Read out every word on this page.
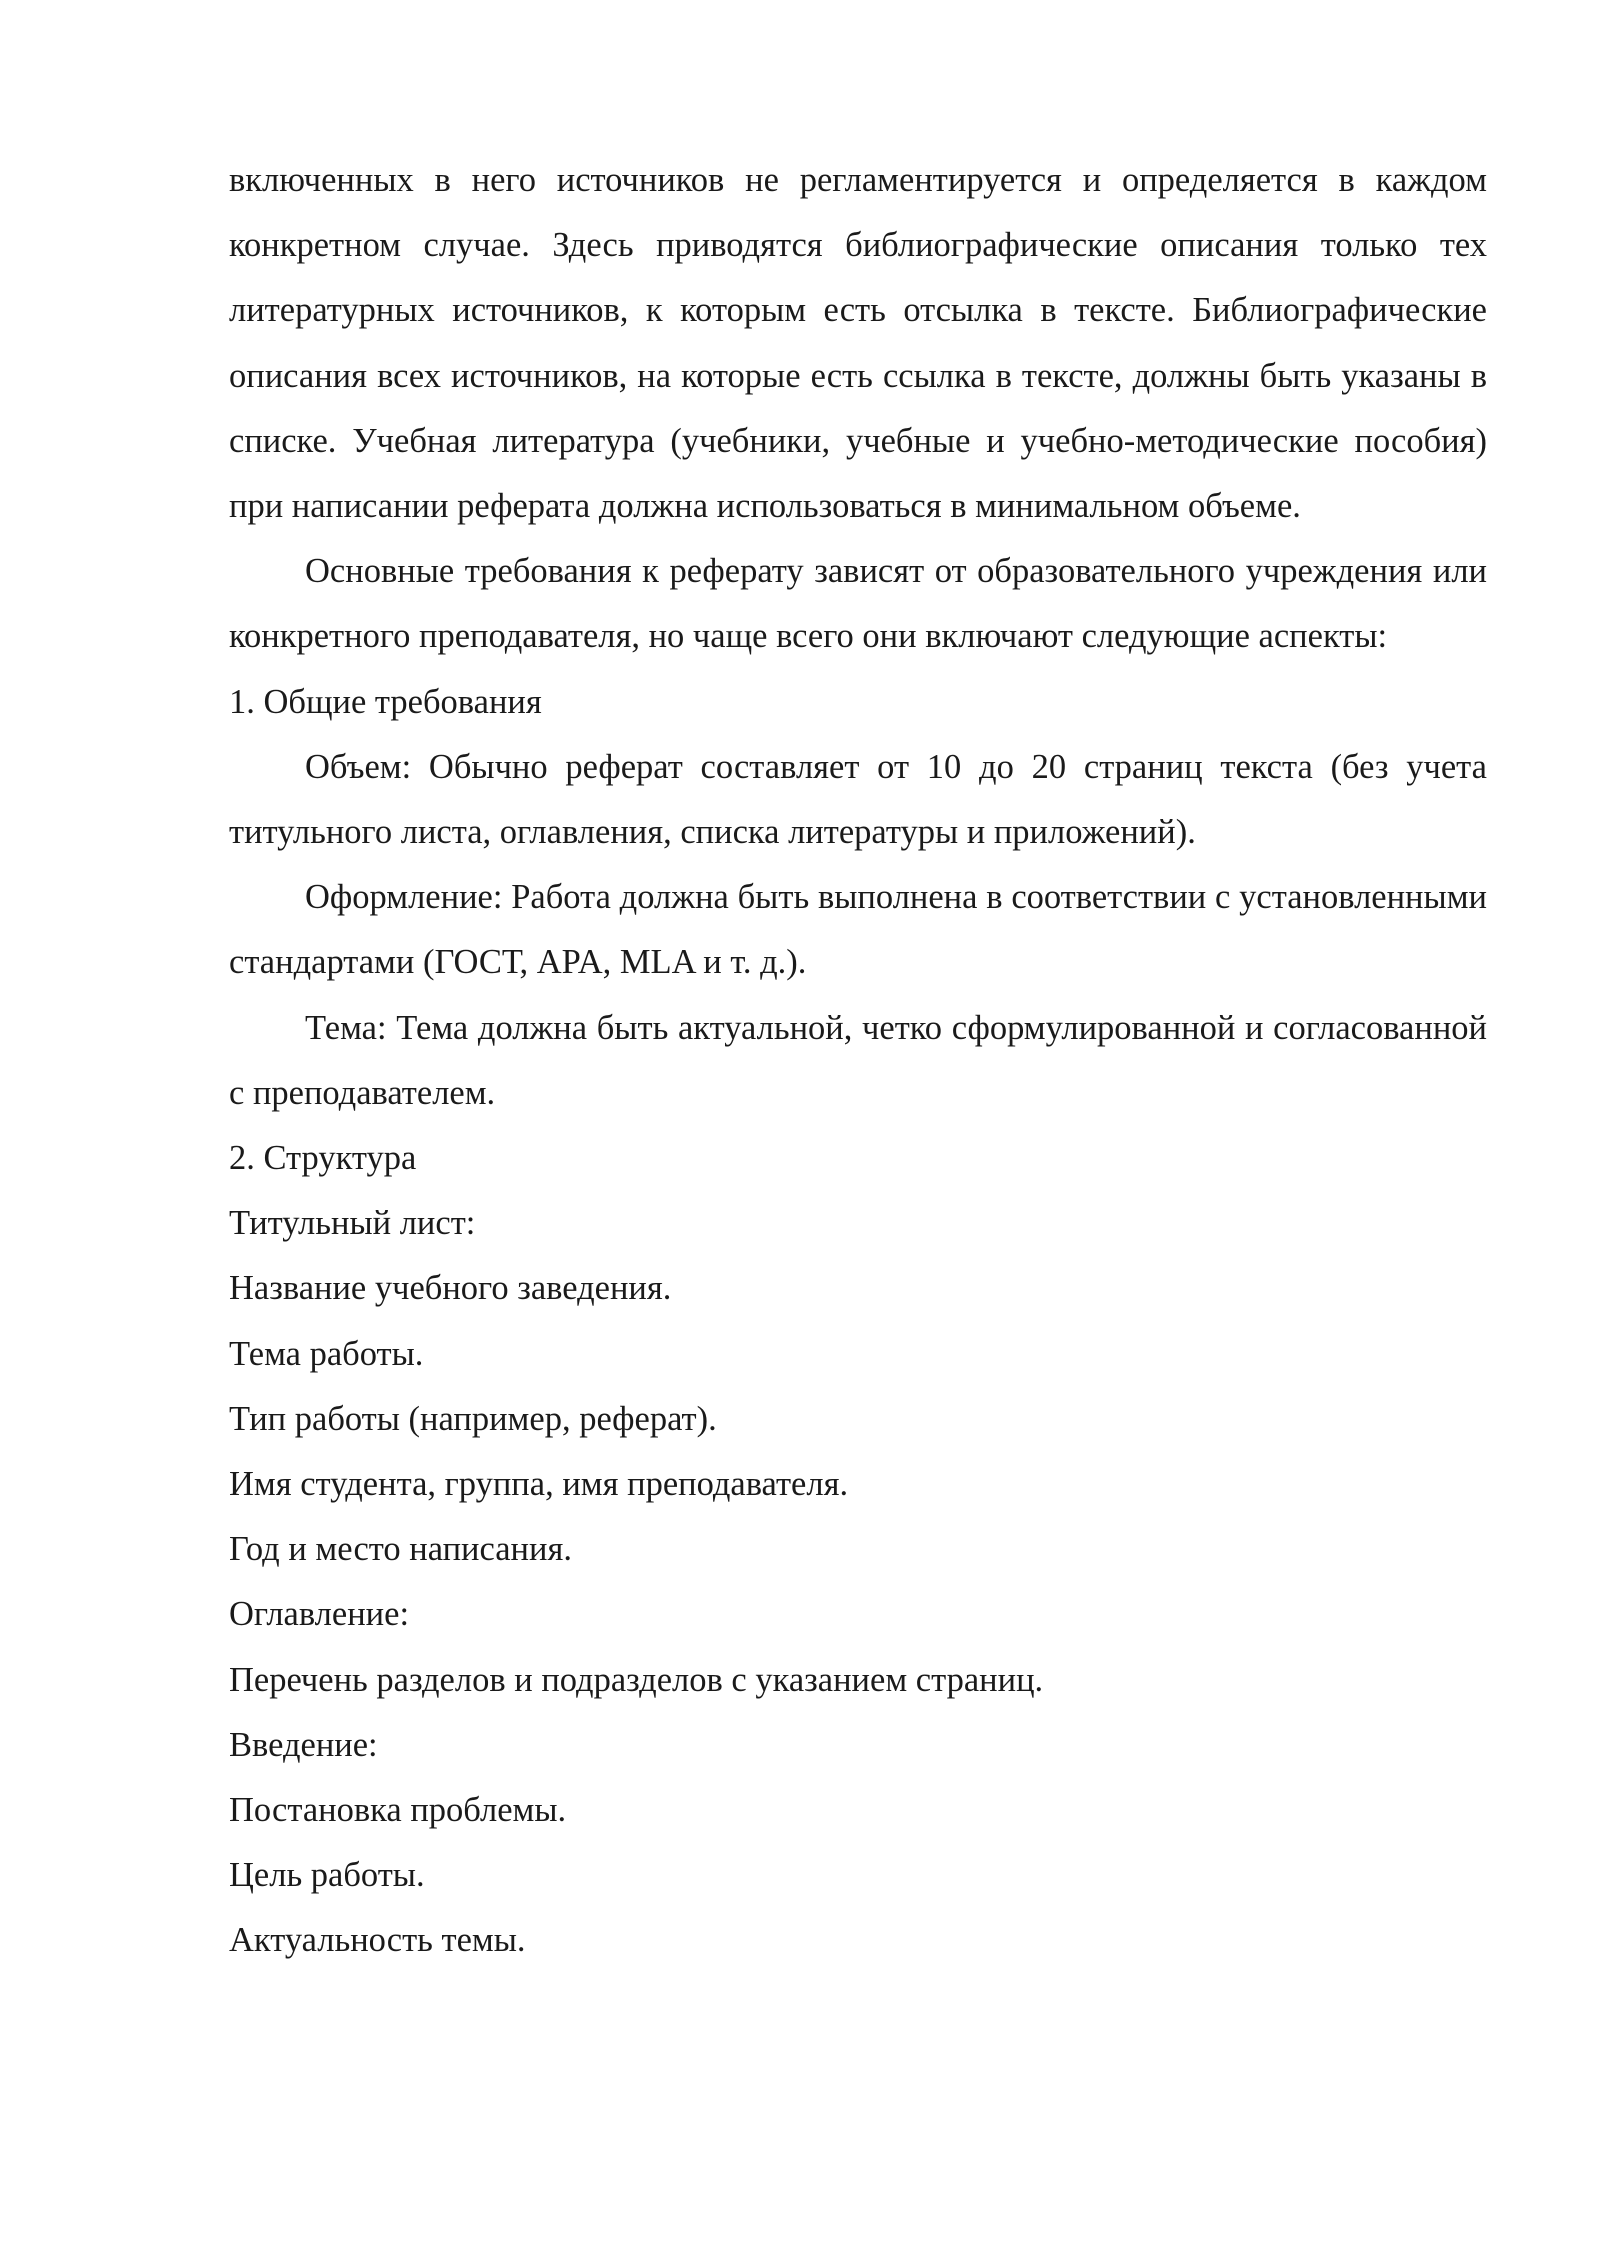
включенных в него источников не регламентируется и определяется в каждом конкретном случае. Здесь приводятся библиографические описания только тех литературных источников, к которым есть отсылка в тексте. Библиографические описания всех источников, на которые есть ссылка в тексте, должны быть указаны в списке. Учебная литература (учебники, учебные и учебно-методические пособия) при написании реферата должна использоваться в минимальном объеме.

Основные требования к реферату зависят от образовательного учреждения или конкретного преподавателя, но чаще всего они включают следующие аспекты:

1. Общие требования

Объем: Обычно реферат составляет от 10 до 20 страниц текста (без учета титульного листа, оглавления, списка литературы и приложений).

Оформление: Работа должна быть выполнена в соответствии с установленными стандартами (ГОСТ, APA, MLA и т. д.).

Тема: Тема должна быть актуальной, четко сформулированной и согласованной с преподавателем.

2. Структура

Титульный лист:

Название учебного заведения.

Тема работы.

Тип работы (например, реферат).

Имя студента, группа, имя преподавателя.

Год и место написания.

Оглавление:

Перечень разделов и подразделов с указанием страниц.

Введение:

Постановка проблемы.

Цель работы.

Актуальность темы.
